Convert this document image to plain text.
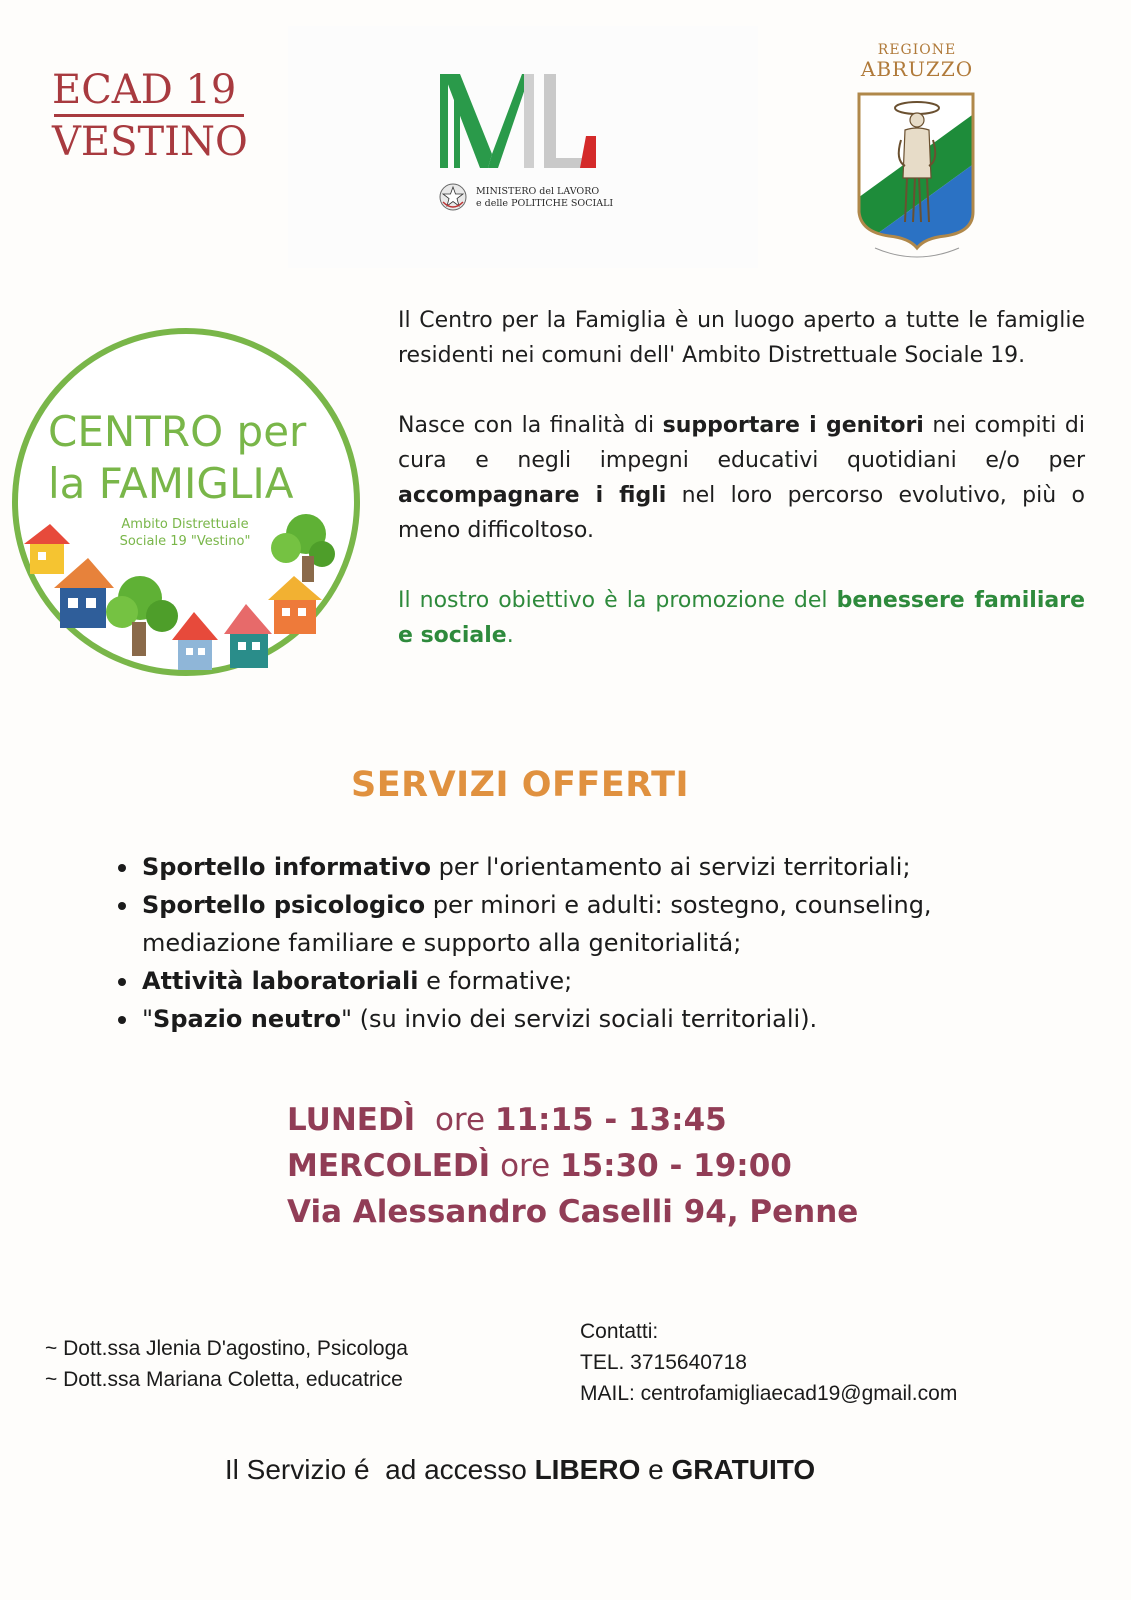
ECAD 19
VESTINO
MINISTERO del LAVORO
e delle POLITICHE SOCIALI
REGIONE
ABRUZZO
CENTRO per
la FAMIGLIA
Ambito Distrettuale
Sociale 19 "Vestino"

Il Centro per la Famiglia è un luogo aperto a tutte le famiglie residenti nei comuni dell' Ambito Distrettuale Sociale 19.

Nasce con la finalità di supportare i genitori nei compiti di cura e negli impegni educativi quotidiani e/o per accompagnare i figli nel loro percorso evolutivo, più o meno difficoltoso.

Il nostro obiettivo è la promozione del benessere familiare e sociale.

SERVIZI OFFERTI
Sportello informativo per l'orientamento ai servizi territoriali;
Sportello psicologico per minori e adulti: sostegno, counseling, mediazione familiare e supporto alla genitorialitá;
Attività laboratoriali e formative;
"Spazio neutro" (su invio dei servizi sociali territoriali).
LUNEDÌ ore 11:15 - 13:45
MERCOLEDÌ ore 15:30 - 19:00
Via Alessandro Caselli 94, Penne
~ Dott.ssa Jlenia D'agostino, Psicologa
~ Dott.ssa Mariana Coletta, educatrice
Contatti:
TEL. 3715640718
MAIL: centrofamigliaecad19@gmail.com
Il Servizio é  ad accesso LIBERO e GRATUITO
